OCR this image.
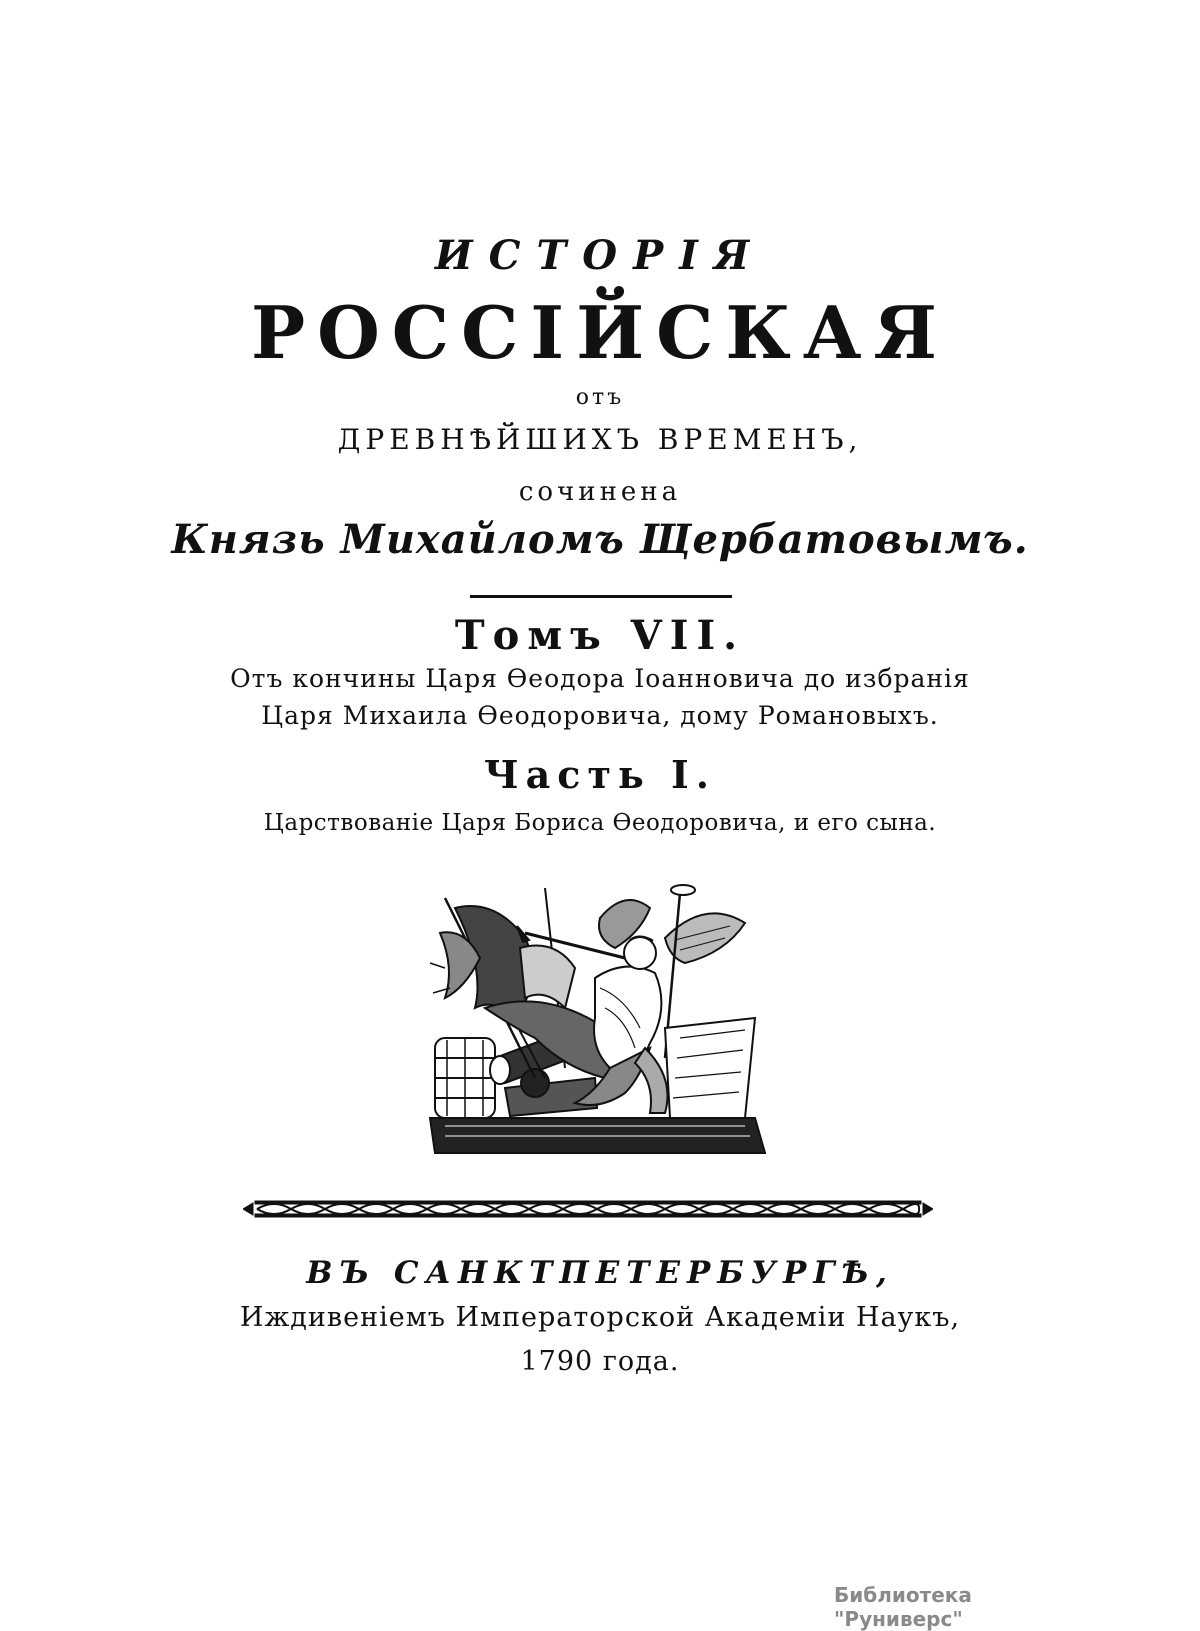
ИСТОРІЯ
РОССІЙСКАЯ
отъ
ДРЕВНѢЙШИХЪ ВРЕМЕНЪ,
сочинена
Князь Михайломъ Щербатовымъ.
Томъ VII.
Отъ кончины Царя Ѳеодора Іоанновича до избранія
Царя Михаила Ѳеодоровича, дому Романовыхъ.
Часть I.
Царствованіе Царя Бориса Ѳеодоровича, и его сына.
ВЪ САНКТПЕТЕРБУРГѢ,
Иждивеніемъ Императорской Академіи Наукъ,
1790 года.
Библиотека "Руниверс"
